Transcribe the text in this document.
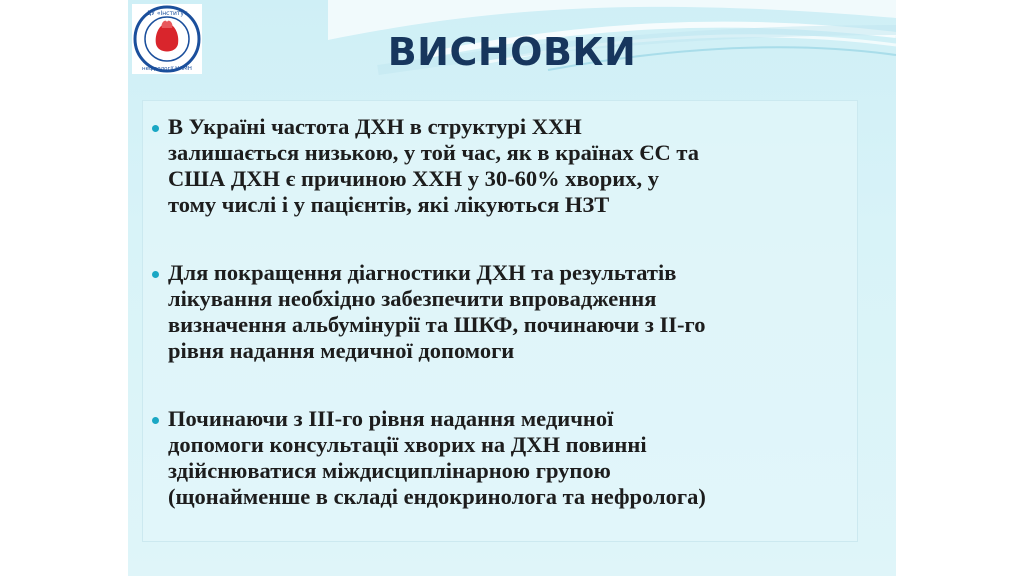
ДУ «Інститут
нефрології НАМН	ВИСНОВКИ
В Україні частота ДХН в структурі ХХН
залишається низькою, у той час, як в країнах ЄС та
США ДХН є причиною ХХН у 30-60% хворих, у
тому числі і у пацієнтів, які лікуються НЗТ
Для покращення діагностики ДХН та результатів
лікування необхідно забезпечити впровадження
визначення альбумінурії та ШКФ, починаючи з ІІ-го
рівня надання медичної допомоги
Починаючи з ІІІ-го рівня надання медичної
допомоги консультації хворих на ДХН повинні
здійснюватися міждисциплінарною групою
(щонайменше в складі ендокринолога та нефролога)
